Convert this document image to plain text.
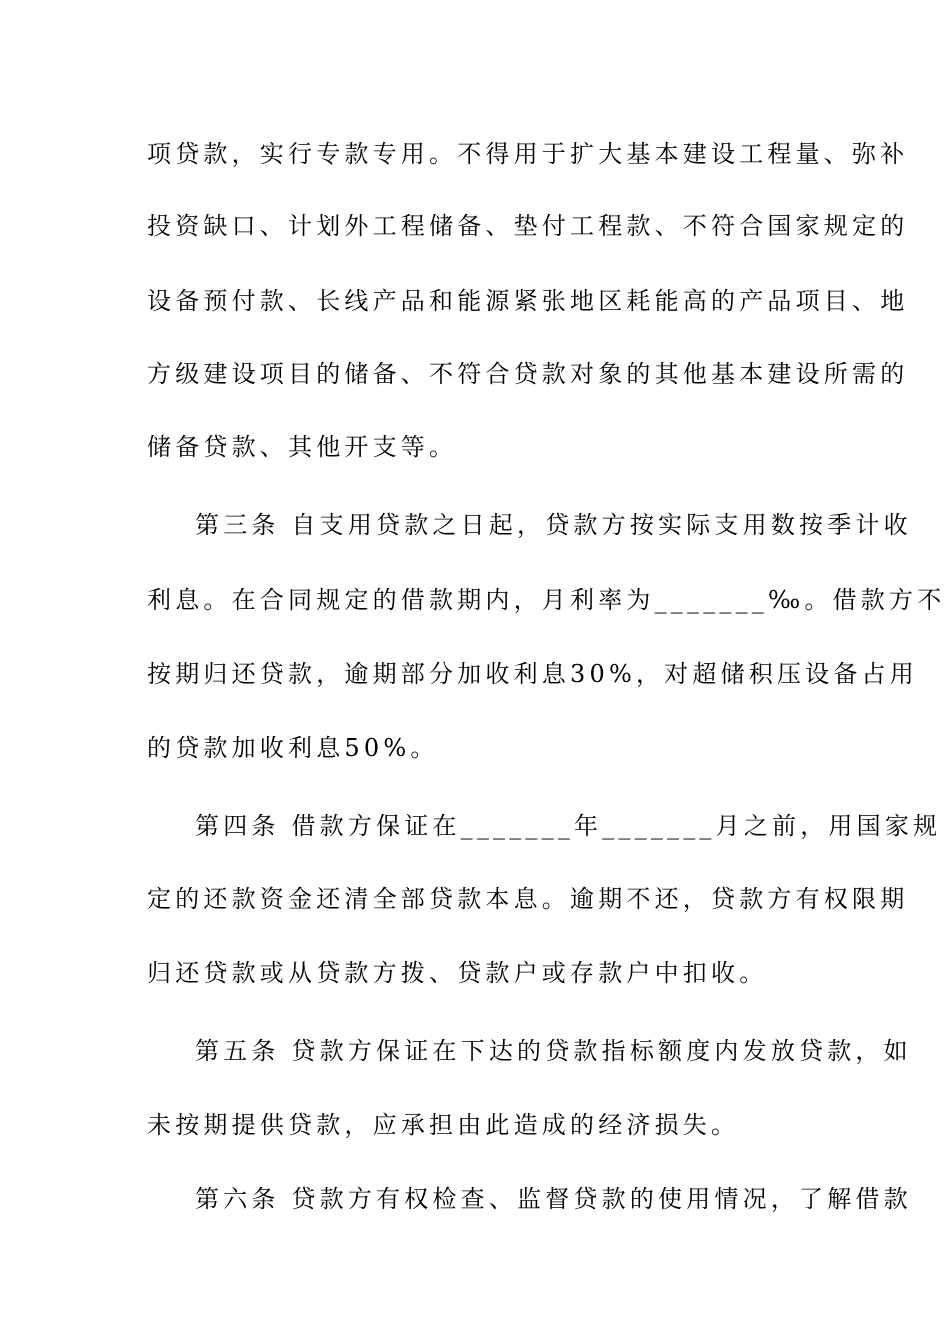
项贷款，实行专款专用。不得用于扩大基本建设工程量、弥补
投资缺口、计划外工程储备、垫付工程款、不符合国家规定的
设备预付款、长线产品和能源紧张地区耗能高的产品项目、地
方级建设项目的储备、不符合贷款对象的其他基本建设所需的
储备贷款、其他开支等。
第三条 自支用贷款之日起，贷款方按实际支用数按季计收
利息。在合同规定的借款期内，月利率为_______‰。借款方不
按期归还贷款，逾期部分加收利息30%，对超储积压设备占用
的贷款加收利息50%。
第四条 借款方保证在_______年_______月之前，用国家规
定的还款资金还清全部贷款本息。逾期不还，贷款方有权限期
归还贷款或从贷款方拨、贷款户或存款户中扣收。
第五条 贷款方保证在下达的贷款指标额度内发放贷款，如
未按期提供贷款，应承担由此造成的经济损失。
第六条 贷款方有权检查、监督贷款的使用情况，了解借款
